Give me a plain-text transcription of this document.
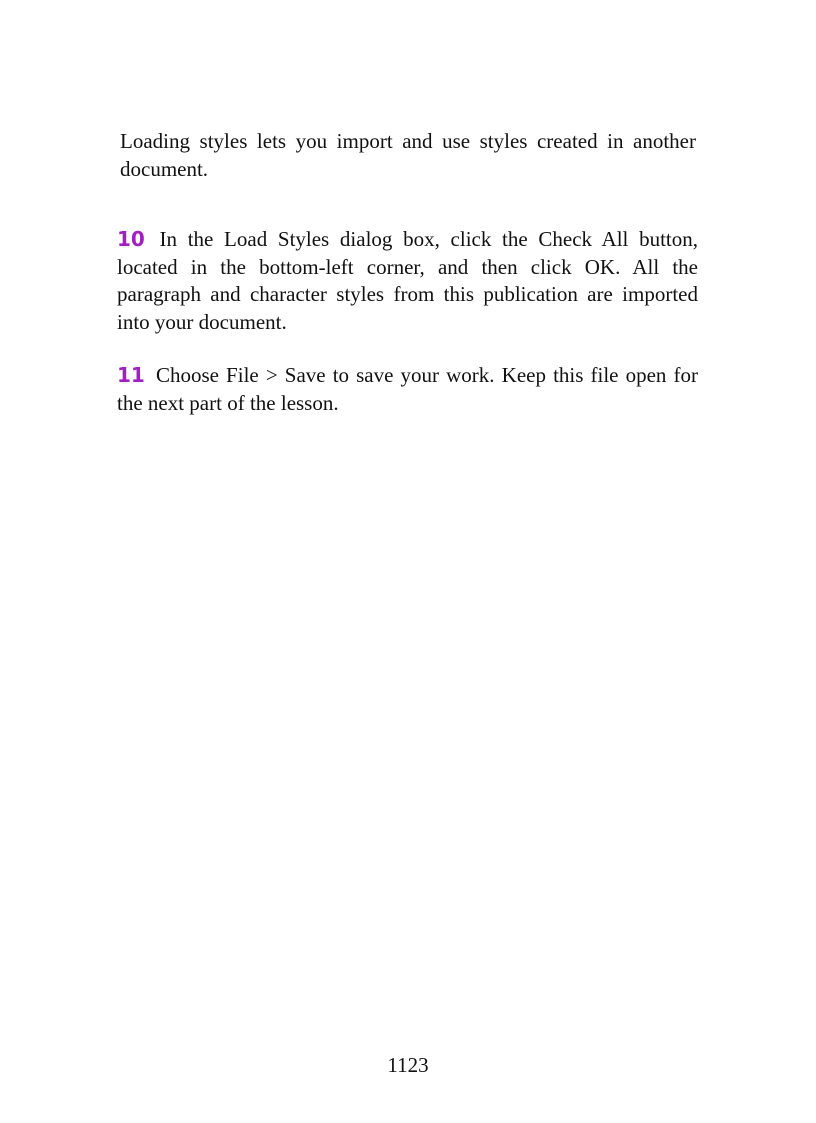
Loading styles lets you import and use styles created in another document.

10 In the Load Styles dialog box, click the Check All button, located in the bottom-left corner, and then click OK. All the paragraph and character styles from this publication are imported into your document.

11 Choose File > Save to save your work. Keep this file open for the next part of the lesson.

1123
